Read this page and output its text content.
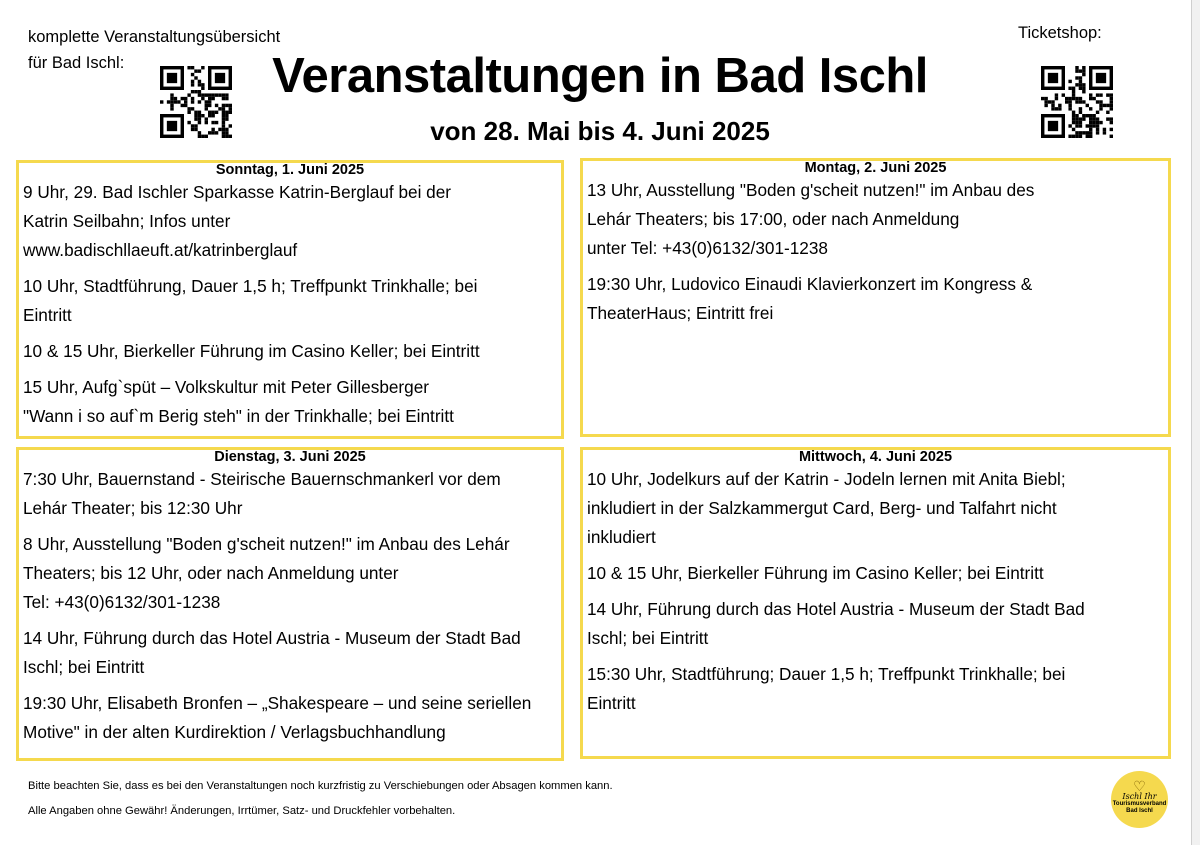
komplette Veranstaltungsübersicht
für Bad Ischl:
Ticketshop:
Veranstaltungen in Bad Ischl
von 28. Mai bis 4. Juni 2025
Sonntag, 1. Juni 2025
9 Uhr, 29. Bad Ischler Sparkasse Katrin-Berglauf bei der
Katrin Seilbahn; Infos unter
www.badischllaeuft.at/katrinberglauf
10 Uhr, Stadtführung, Dauer 1,5 h; Treffpunkt Trinkhalle; bei
Eintritt
10 & 15 Uhr, Bierkeller Führung im Casino Keller; bei Eintritt
15 Uhr, Aufg`spüt – Volkskultur mit Peter Gillesberger
"Wann i so auf`m Berig steh" in der Trinkhalle; bei Eintritt
Montag, 2. Juni 2025
13 Uhr, Ausstellung "Boden g'scheit nutzen!" im Anbau des
Lehár Theaters; bis 17:00, oder nach Anmeldung
unter Tel: +43(0)6132/301-1238
19:30 Uhr, Ludovico Einaudi Klavierkonzert im Kongress &
TheaterHaus; Eintritt frei
Dienstag, 3. Juni 2025
7:30 Uhr, Bauernstand - Steirische Bauernschmankerl vor dem
Lehár Theater; bis 12:30 Uhr
8 Uhr, Ausstellung "Boden g'scheit nutzen!" im Anbau des Lehár
Theaters; bis 12 Uhr, oder nach Anmeldung unter
Tel: +43(0)6132/301-1238
14 Uhr, Führung durch das Hotel Austria - Museum der Stadt Bad
Ischl; bei Eintritt
19:30 Uhr, Elisabeth Bronfen – „Shakespeare – und seine seriellen
Motive" in der alten Kurdirektion / Verlagsbuchhandlung
Mittwoch, 4. Juni 2025
10 Uhr, Jodelkurs auf der Katrin - Jodeln lernen mit Anita Biebl;
inkludiert in der Salzkammergut Card, Berg- und Talfahrt nicht
inkludiert
10 & 15 Uhr, Bierkeller Führung im Casino Keller; bei Eintritt
14 Uhr, Führung durch das Hotel Austria - Museum der Stadt Bad
Ischl; bei Eintritt
15:30 Uhr, Stadtführung; Dauer 1,5 h; Treffpunkt Trinkhalle; bei
Eintritt
Bitte beachten Sie, dass es bei den Veranstaltungen noch kurzfristig zu Verschiebungen oder Absagen kommen kann.
Alle Angaben ohne Gewähr! Änderungen, Irrtümer, Satz- und Druckfehler vorbehalten.
♡
Ischl Ihr
Tourismusverband
Bad Ischl
